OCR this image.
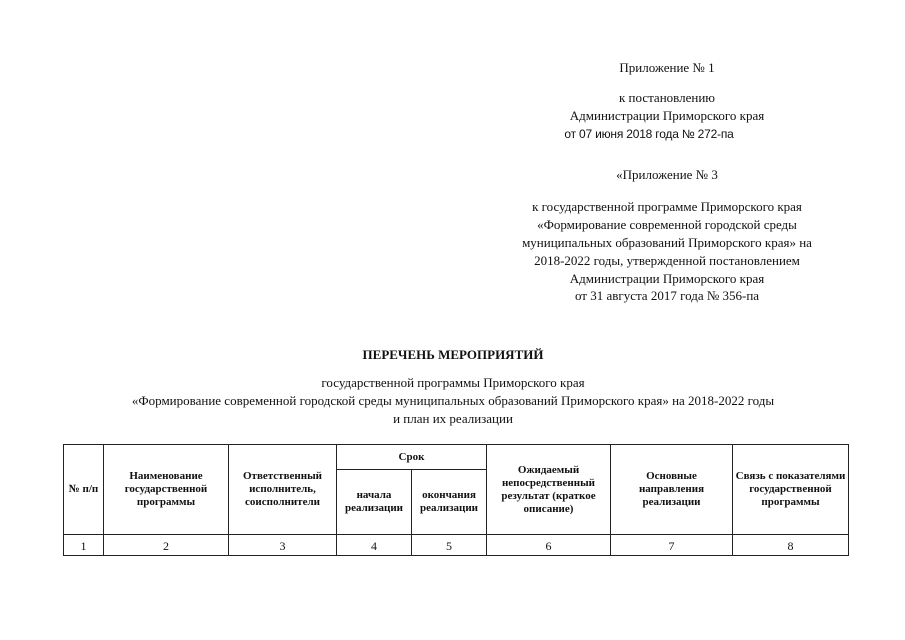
Приложение № 1
к постановлению
Администрации Приморского края
от 07 июня 2018 года № 272-па
«Приложение № 3
к государственной программе Приморского края
«Формирование современной городской среды
муниципальных образований Приморского края» на
2018-2022 годы, утвержденной постановлением
Администрации Приморского края
от 31 августа 2017 года № 356-па
ПЕРЕЧЕНЬ МЕРОПРИЯТИЙ
государственной программы Приморского края
«Формирование современной городской среды муниципальных образований Приморского края» на 2018-2022 годы
и план их реализации
№ п/п	Наименование государственной программы	Ответственный исполнитель, соисполнители	Срок		Ожидаемый непосредственный результат (краткое описание)	Основные направления реализации	Связь с показателями государственной программы
			начала реализации	окончания реализации			
1	2	3	4	5	6	7	8
